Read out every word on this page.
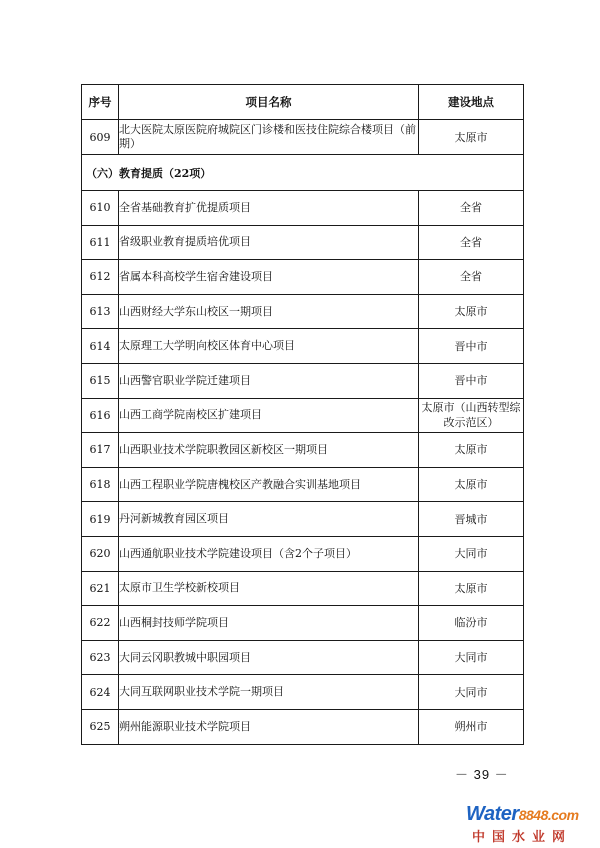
序号	项目名称	建设地点
609	北大医院太原医院府城院区门诊楼和医技住院综合楼项目（前期）	太原市
（六）教育提质（22项）		
610	全省基础教育扩优提质项目	全省
611	省级职业教育提质培优项目	全省
612	省属本科高校学生宿舍建设项目	全省
613	山西财经大学东山校区一期项目	太原市
614	太原理工大学明向校区体育中心项目	晋中市
615	山西警官职业学院迁建项目	晋中市
616	山西工商学院南校区扩建项目	太原市（山西转型综改示范区）
617	山西职业技术学院职教园区新校区一期项目	太原市
618	山西工程职业学院唐槐校区产教融合实训基地项目	太原市
619	丹河新城教育园区项目	晋城市
620	山西通航职业技术学院建设项目（含2个子项目）	大同市
621	太原市卫生学校新校项目	太原市
622	山西桐封技师学院项目	临汾市
623	大同云冈职教城中职园项目	大同市
624	大同互联网职业技术学院一期项目	大同市
625	朔州能源职业技术学院项目	朔州市
－ 39 －
Water8848.com
中国水业网
